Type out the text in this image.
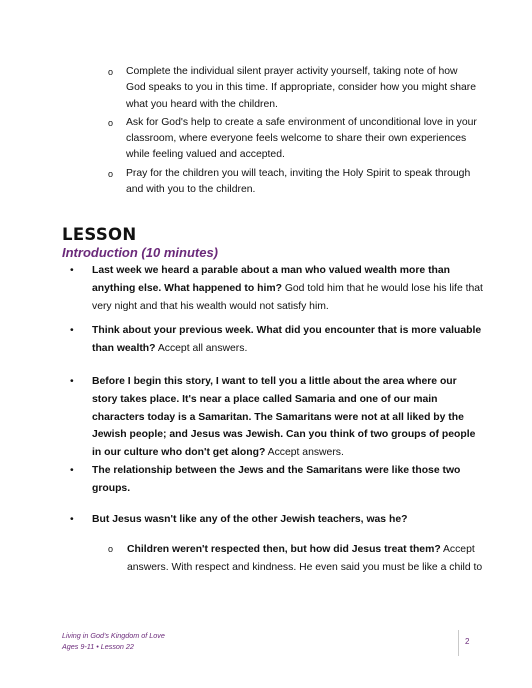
o Complete the individual silent prayer activity yourself, taking note of how God speaks to you in this time. If appropriate, consider how you might share what you heard with the children.
o Ask for God's help to create a safe environment of unconditional love in your classroom, where everyone feels welcome to share their own experiences while feeling valued and accepted.
o Pray for the children you will teach, inviting the Holy Spirit to speak through and with you to the children.
LESSON
Introduction (10 minutes)
• Last week we heard a parable about a man who valued wealth more than anything else. What happened to him? God told him that he would lose his life that very night and that his wealth would not satisfy him.
• Think about your previous week. What did you encounter that is more valuable than wealth? Accept all answers.
• Before I begin this story, I want to tell you a little about the area where our story takes place. It's near a place called Samaria and one of our main characters today is a Samaritan. The Samaritans were not at all liked by the Jewish people; and Jesus was Jewish. Can you think of two groups of people in our culture who don't get along? Accept answers.
• The relationship between the Jews and the Samaritans were like those two groups.
• But Jesus wasn't like any of the other Jewish teachers, was he?
o Children weren't respected then, but how did Jesus treat them? Accept answers. With respect and kindness. He even said you must be like a child to
Living in God's Kingdom of Love
Ages 9-11 • Lesson 22	2
